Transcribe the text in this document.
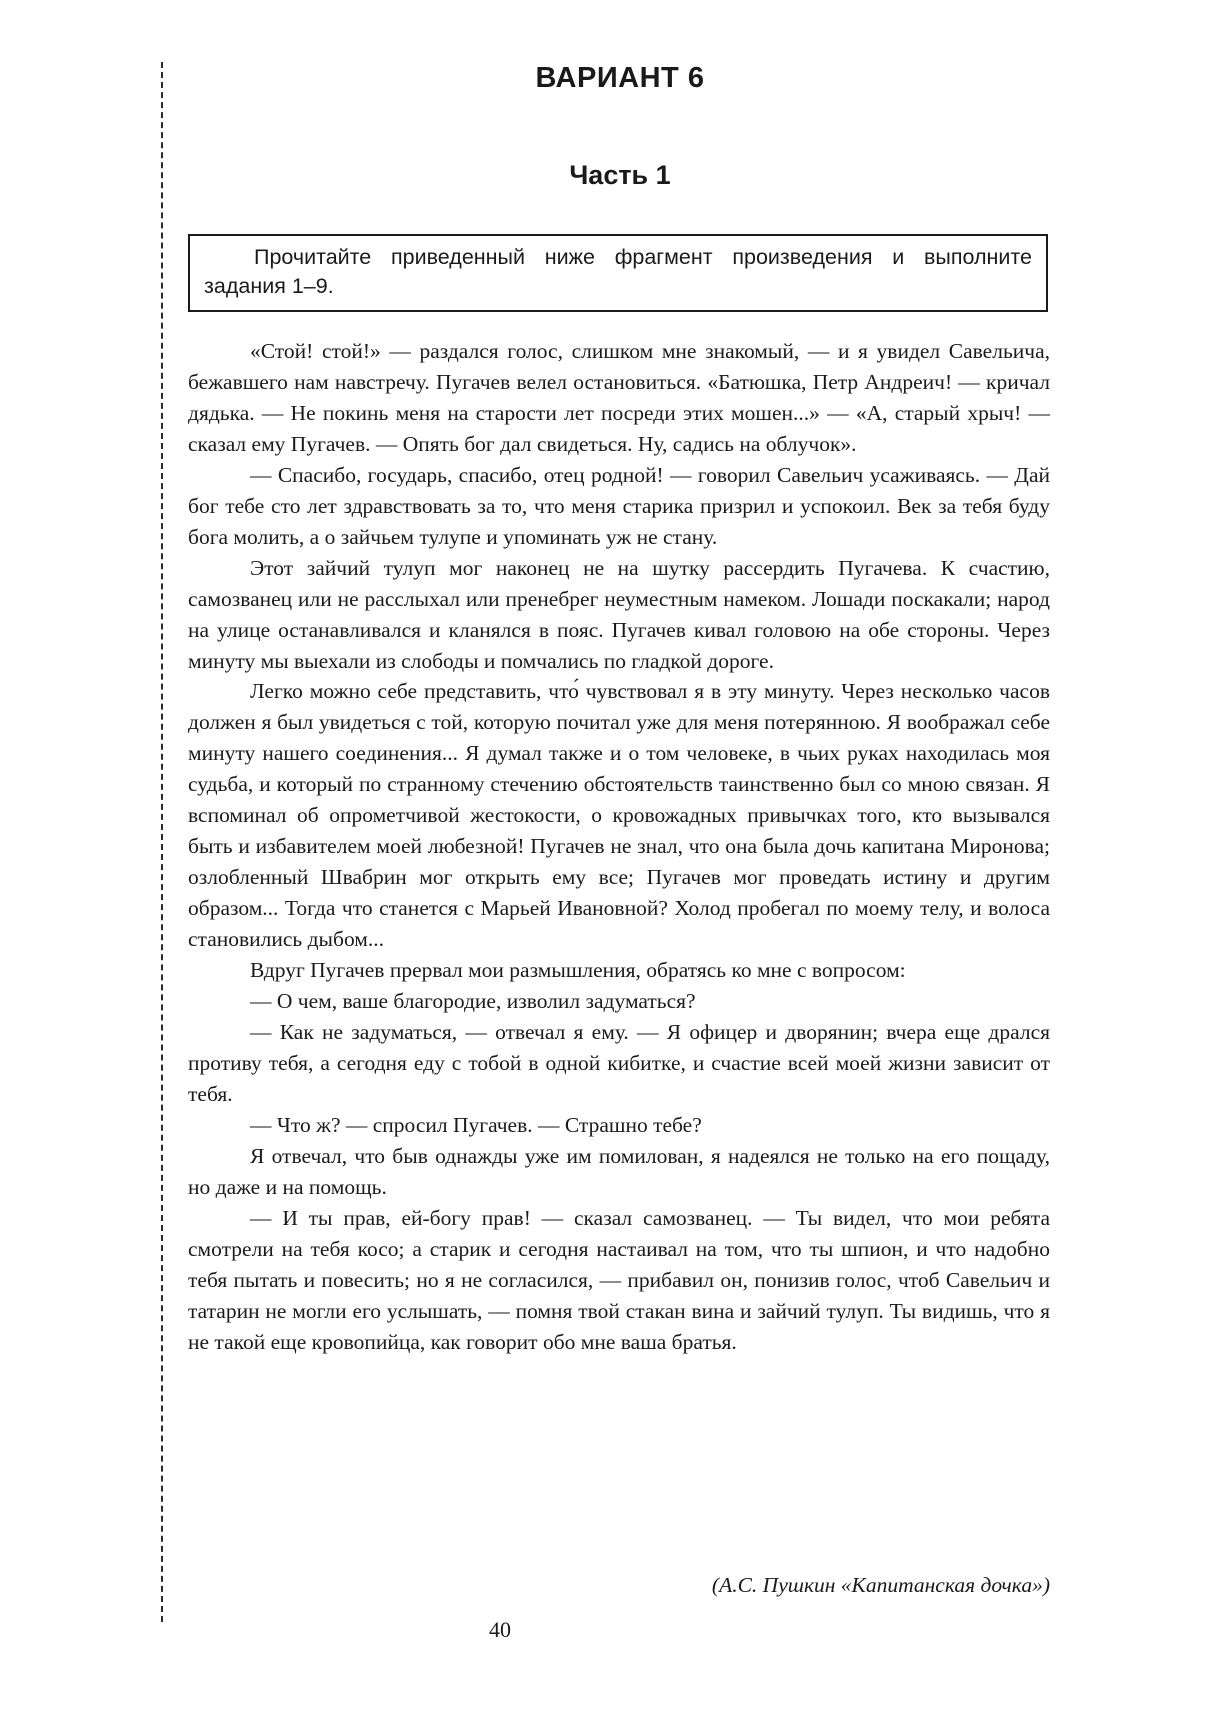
ВАРИАНТ 6
Часть 1
Прочитайте приведенный ниже фрагмент произведения и выполните задания 1–9.

«Стой! стой!» — раздался голос, слишком мне знакомый, — и я увидел Савельича, бежавшего нам навстречу. Пугачев велел остановиться. «Батюшка, Петр Андреич! — кричал дядька. — Не покинь меня на старости лет посреди этих мошен...» — «А, старый хрыч! — сказал ему Пугачев. — Опять бог дал свидеться. Ну, садись на облучок».

— Спасибо, государь, спасибо, отец родной! — говорил Савельич усаживаясь. — Дай бог тебе сто лет здравствовать за то, что меня старика призрил и успокоил. Век за тебя буду бога молить, а о зайчьем тулупе и упоминать уж не стану.

Этот зайчий тулуп мог наконец не на шутку рассердить Пугачева. К счастию, самозванец или не расслыхал или пренебрег неуместным намеком. Лошади поскакали; народ на улице останавливался и кланялся в пояс. Пугачев кивал головою на обе стороны. Через минуту мы выехали из слободы и помчались по гладкой дороге.

Легко можно себе представить, что́ чувствовал я в эту минуту. Через несколько часов должен я был увидеться с той, которую почитал уже для меня потерянною. Я воображал себе минуту нашего соединения... Я думал также и о том человеке, в чьих руках находилась моя судьба, и который по странному стечению обстоятельств таинственно был со мною связан. Я вспоминал об опрометчивой жестокости, о кровожадных привычках того, кто вызывался быть и избавителем моей любезной! Пугачев не знал, что она была дочь капитана Миронова; озлобленный Швабрин мог открыть ему все; Пугачев мог проведать истину и другим образом... Тогда что станется с Марьей Ивановной? Холод пробегал по моему телу, и волоса становились дыбом...

Вдруг Пугачев прервал мои размышления, обратясь ко мне с вопросом:

— О чем, ваше благородие, изволил задуматься?

— Как не задуматься, — отвечал я ему. — Я офицер и дворянин; вчера еще дрался противу тебя, а сегодня еду с тобой в одной кибитке, и счастие всей моей жизни зависит от тебя.

— Что ж? — спросил Пугачев. — Страшно тебе?

Я отвечал, что быв однажды уже им помилован, я надеялся не только на его пощаду, но даже и на помощь.

— И ты прав, ей-богу прав! — сказал самозванец. — Ты видел, что мои ребята смотрели на тебя косо; а старик и сегодня настаивал на том, что ты шпион, и что надобно тебя пытать и повесить; но я не согласился, — прибавил он, понизив голос, чтоб Савельич и татарин не могли его услышать, — помня твой стакан вина и зайчий тулуп. Ты видишь, что я не такой еще кровопийца, как говорит обо мне ваша братья.

(А.С. Пушкин «Капитанская дочка»)
40
